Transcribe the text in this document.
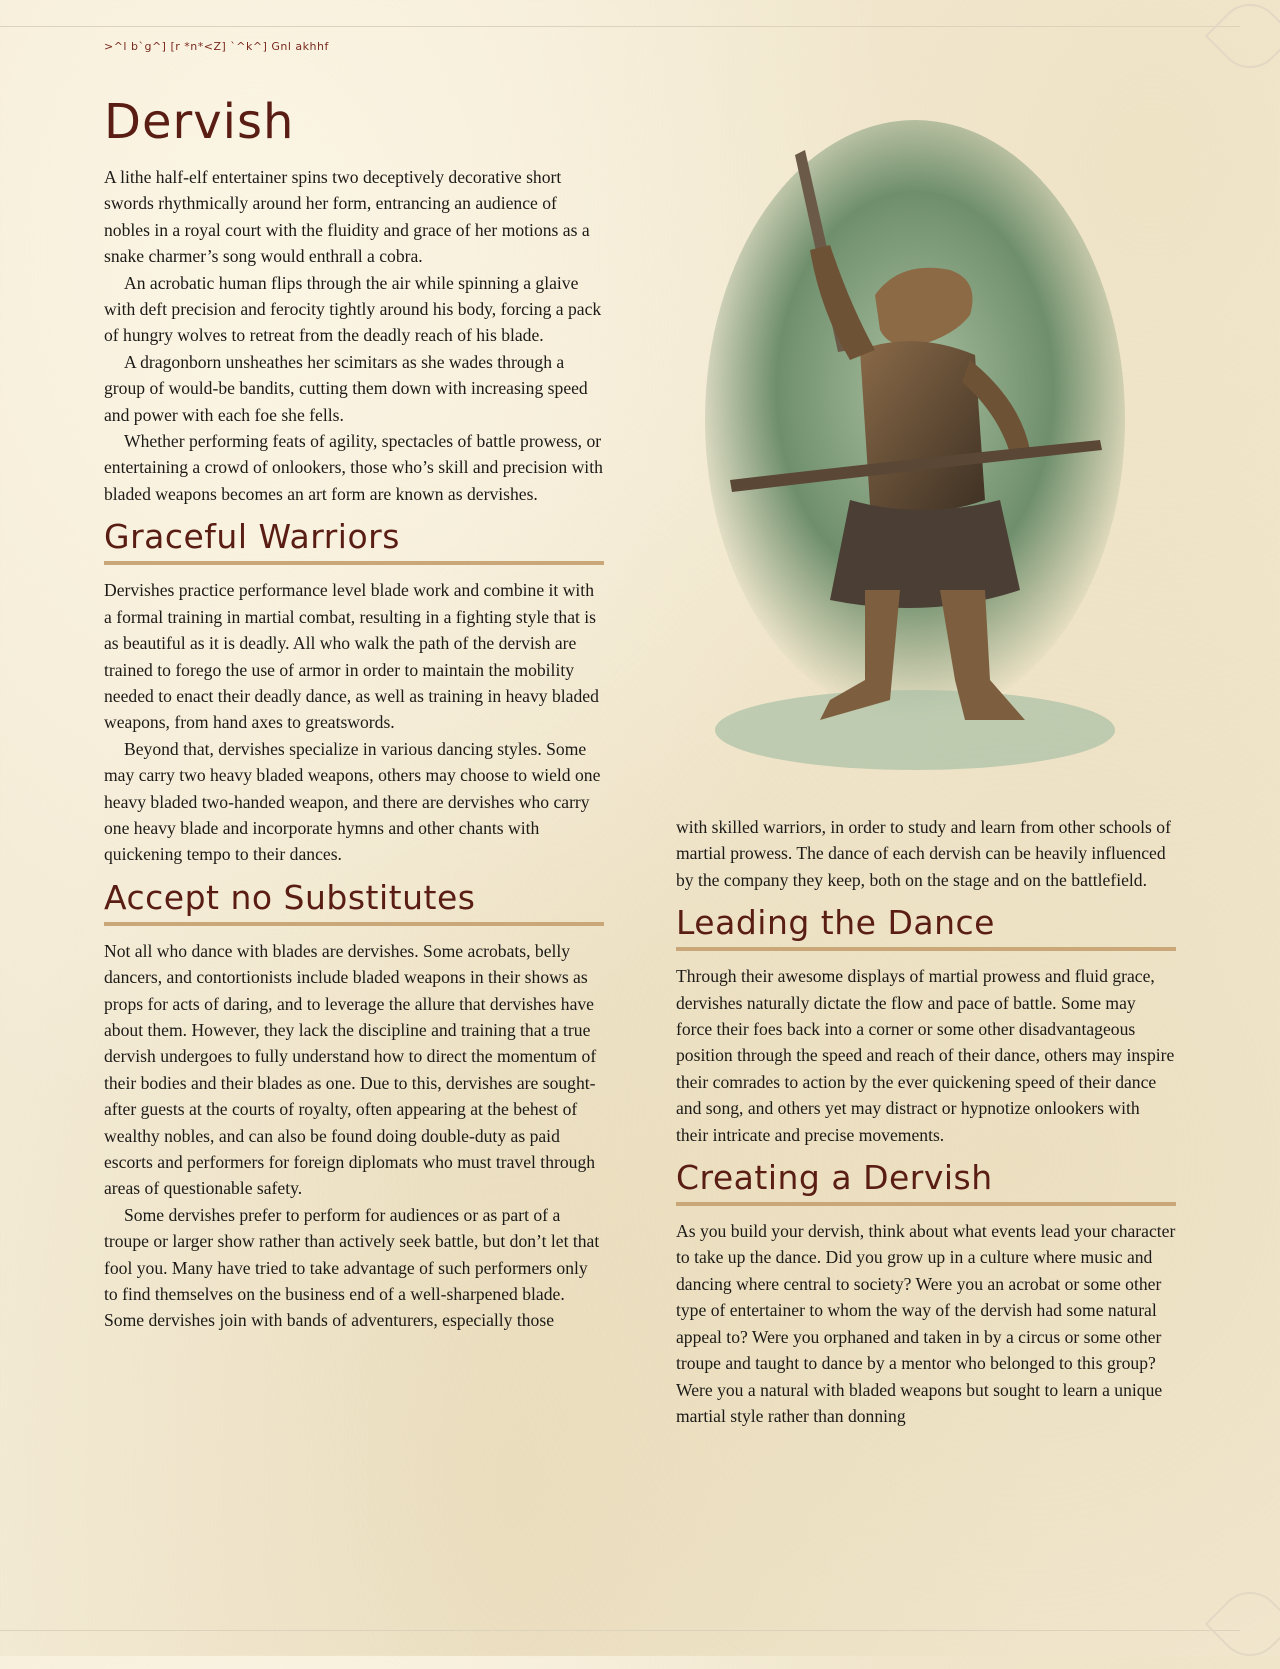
>^l b`g^] [r *n*<Z] `^k^] Gnl akhhf
Dervish

A lithe half-elf entertainer spins two deceptively decorative short swords rhythmically around her form, entrancing an audience of nobles in a royal court with the fluidity and grace of her motions as a snake charmer’s song would enthrall a cobra.

An acrobatic human flips through the air while spinning a glaive with deft precision and ferocity tightly around his body, forcing a pack of hungry wolves to retreat from the deadly reach of his blade.

A dragonborn unsheathes her scimitars as she wades through a group of would-be bandits, cutting them down with increasing speed and power with each foe she fells.

Whether performing feats of agility, spectacles of battle prowess, or entertaining a crowd of onlookers, those who’s skill and precision with bladed weapons becomes an art form are known as dervishes.

Graceful Warriors

Dervishes practice performance level blade work and combine it with a formal training in martial combat, resulting in a fighting style that is as beautiful as it is deadly. All who walk the path of the dervish are trained to forego the use of armor in order to maintain the mobility needed to enact their deadly dance, as well as training in heavy bladed weapons, from hand axes to greatswords.

Beyond that, dervishes specialize in various dancing styles. Some may carry two heavy bladed weapons, others may choose to wield one heavy bladed two-handed weapon, and there are dervishes who carry one heavy blade and incorporate hymns and other chants with quickening tempo to their dances.

Accept no Substitutes

Not all who dance with blades are dervishes. Some acrobats, belly dancers, and contortionists include bladed weapons in their shows as props for acts of daring, and to leverage the allure that dervishes have about them. However, they lack the discipline and training that a true dervish undergoes to fully understand how to direct the momentum of their bodies and their blades as one. Due to this, dervishes are sought-after guests at the courts of royalty, often appearing at the behest of wealthy nobles, and can also be found doing double-duty as paid escorts and performers for foreign diplomats who must travel through areas of questionable safety.

Some dervishes prefer to perform for audiences or as part of a troupe or larger show rather than actively seek battle, but don’t let that fool you. Many have tried to take advantage of such performers only to find themselves on the business end of a well-sharpened blade. Some dervishes join with bands of adventurers, especially those

with skilled warriors, in order to study and learn from other schools of martial prowess. The dance of each dervish can be heavily influenced by the company they keep, both on the stage and on the battlefield.

Leading the Dance

Through their awesome displays of martial prowess and fluid grace, dervishes naturally dictate the flow and pace of battle. Some may force their foes back into a corner or some other disadvantageous position through the speed and reach of their dance, others may inspire their comrades to action by the ever quickening speed of their dance and song, and others yet may distract or hypnotize onlookers with their intricate and precise movements.

Creating a Dervish

As you build your dervish, think about what events lead your character to take up the dance. Did you grow up in a culture where music and dancing where central to society? Were you an acrobat or some other type of entertainer to whom the way of the dervish had some natural appeal to? Were you orphaned and taken in by a circus or some other troupe and taught to dance by a mentor who belonged to this group? Were you a natural with bladed weapons but sought to learn a unique martial style rather than donning
